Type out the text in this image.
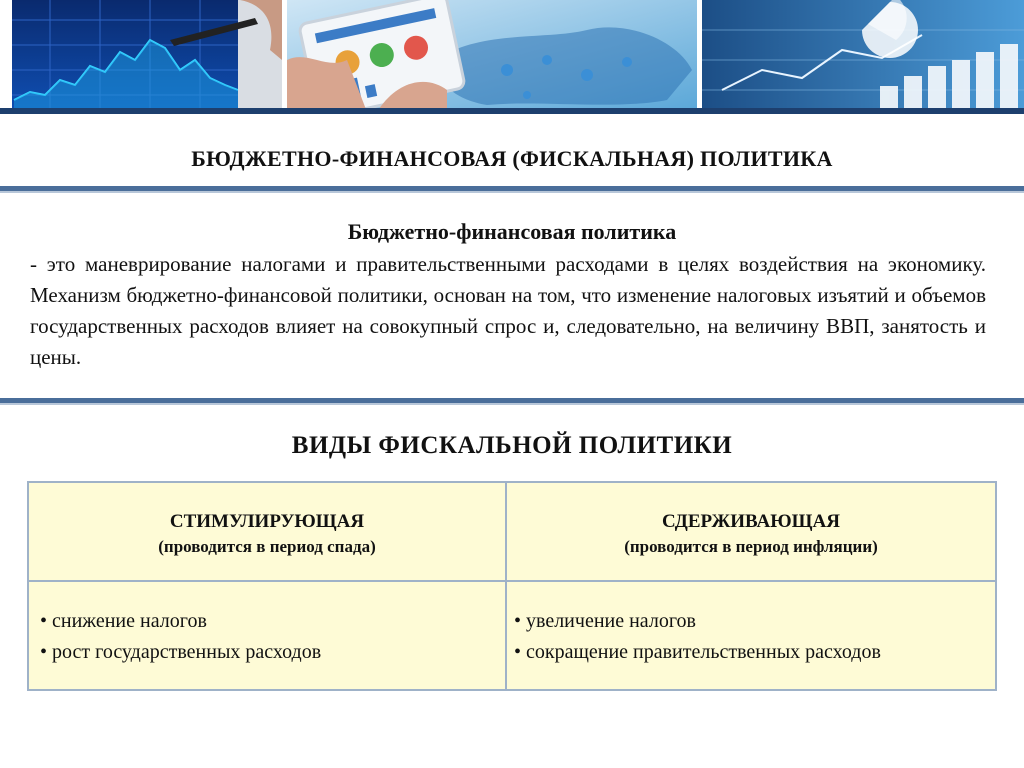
БЮДЖЕТНО-ФИНАНСОВАЯ (ФИСКАЛЬНАЯ) ПОЛИТИКА
Бюджетно-финансовая политика
- это маневрирование налогами и правительственными расходами в целях воздействия на экономику. Механизм бюджетно-финансовой политики, основан на том, что изменение налоговых изъятий и объемов государственных расходов влияет на совокупный спрос и, следовательно, на величину ВВП, занятость и цены.
ВИДЫ ФИСКАЛЬНОЙ ПОЛИТИКИ
СТИМУЛИРУЮЩАЯ
(проводится в период спада)
СДЕРЖИВАЮЩАЯ
(проводится в период инфляции)
• снижение налогов
• рост государственных расходов
• увеличение налогов
• сокращение правительственных расходов
